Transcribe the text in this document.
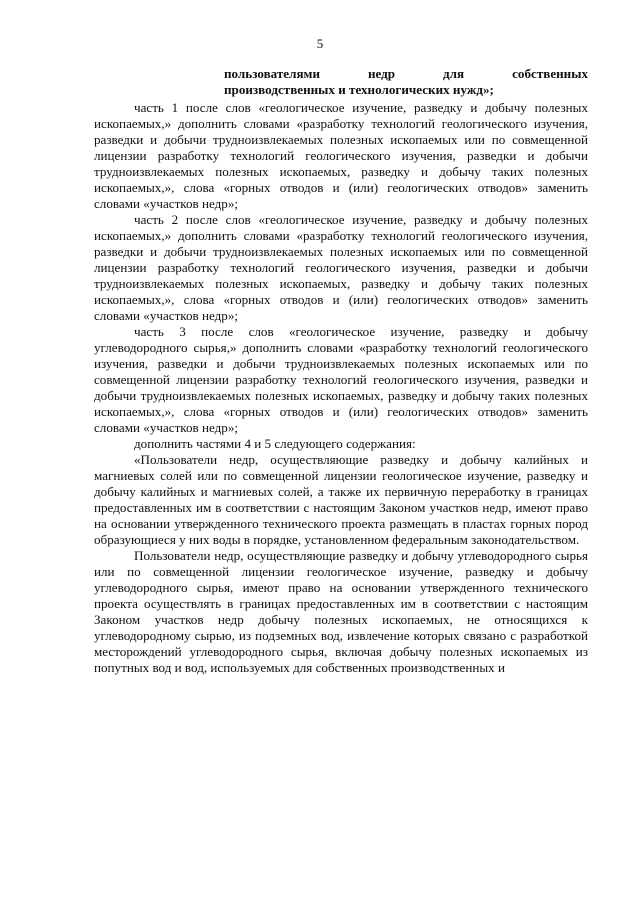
5
пользователями недр для собственных
производственных и технологических нужд»;

часть 1 после слов «геологическое изучение, разведку и добычу полезных ископаемых,» дополнить словами «разработку технологий геологического изучения, разведки и добычи трудноизвлекаемых полезных ископаемых или по совмещенной лицензии разработку технологий геологического изучения, разведки и добычи трудноизвлекаемых полезных ископаемых, разведку и добычу таких полезных ископаемых,», слова «горных отводов и (или) геологических отводов» заменить словами «участков недр»;

часть 2 после слов «геологическое изучение, разведку и добычу полезных ископаемых,» дополнить словами «разработку технологий геологического изучения, разведки и добычи трудноизвлекаемых полезных ископаемых или по совмещенной лицензии разработку технологий геологического изучения, разведки и добычи трудноизвлекаемых полезных ископаемых, разведку и добычу таких полезных ископаемых,», слова «горных отводов и (или) геологических отводов» заменить словами «участков недр»;

часть 3 после слов «геологическое изучение, разведку и добычу углеводородного сырья,» дополнить словами «разработку технологий геологического изучения, разведки и добычи трудноизвлекаемых полезных ископаемых или по совмещенной лицензии разработку технологий геологического изучения, разведки и добычи трудноизвлекаемых полезных ископаемых, разведку и добычу таких полезных ископаемых,», слова «горных отводов и (или) геологических отводов» заменить словами «участков недр»;

дополнить частями 4 и 5 следующего содержания:

«Пользователи недр, осуществляющие разведку и добычу калийных и магниевых солей или по совмещенной лицензии геологическое изучение, разведку и добычу калийных и магниевых солей, а также их первичную переработку в границах предоставленных им в соответствии с настоящим Законом участков недр, имеют право на основании утвержденного технического проекта размещать в пластах горных пород образующиеся у них воды в порядке, установленном федеральным законодательством.

Пользователи недр, осуществляющие разведку и добычу углеводородного сырья или по совмещенной лицензии геологическое изучение, разведку и добычу углеводородного сырья, имеют право на основании утвержденного технического проекта осуществлять в границах предоставленных им в соответствии с настоящим Законом участков недр добычу полезных ископаемых, не относящихся к углеводородному сырью, из подземных вод, извлечение которых связано с разработкой месторождений углеводородного сырья, включая добычу полезных ископаемых из попутных вод и вод, используемых для собственных производственных и
